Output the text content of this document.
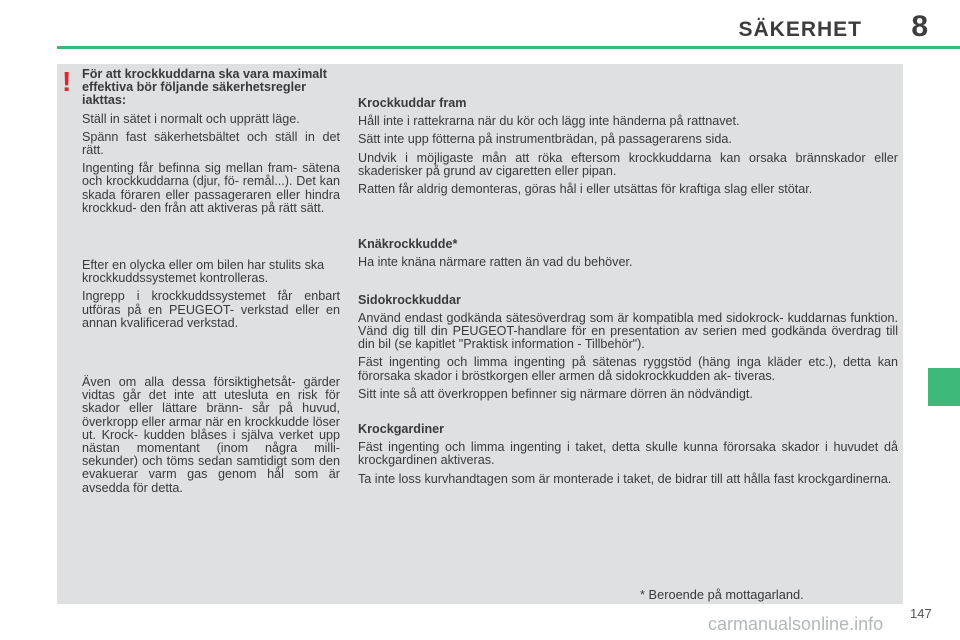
SÄKERHET 8
! För att krockkuddarna ska vara maximalt effektiva bör följande säkerhetsregler iakttas:

Ställ in sätet i normalt och upprätt läge.

Spänn fast säkerhetsbältet och ställ in det rätt.

Ingenting får befinna sig mellan fram- sätena och krockkuddarna (djur, fö- remål...). Det kan skada föraren eller passageraren eller hindra krockkud- den från att aktiveras på rätt sätt.

Efter en olycka eller om bilen har stulits ska krockkuddssystemet kontrolleras.

Ingrepp i krockkuddssystemet får enbart utföras på en PEUGEOT- verkstad eller en annan kvalificerad verkstad.

Även om alla dessa försiktighetsåt- gärder vidtas går det inte att utesluta en risk för skador eller lättare bränn- sår på huvud, överkropp eller armar när en krockkudde löser ut. Krock- kudden blåses i själva verket upp nästan momentant (inom några milli- sekunder) och töms sedan samtidigt som den evakuerar varm gas genom hål som är avsedda för detta.

Krockkuddar fram

Håll inte i rattekrarna när du kör och lägg inte händerna på rattnavet.

Sätt inte upp fötterna på instrumentbrädan, på passagerarens sida.

Undvik i möjligaste mån att röka eftersom krockkuddarna kan orsaka brännskador eller skaderisker på grund av cigaretten eller pipan.

Ratten får aldrig demonteras, göras hål i eller utsättas för kraftiga slag eller stötar.

Knäkrockkudde*

Ha inte knäna närmare ratten än vad du behöver.

Sidokrockkuddar

Använd endast godkända sätesöverdrag som är kompatibla med sidokrock- kuddarnas funktion. Vänd dig till din PEUGEOT-handlare för en presentation av serien med godkända överdrag till din bil (se kapitlet "Praktisk information - Tillbehör").

Fäst ingenting och limma ingenting på sätenas ryggstöd (häng inga kläder etc.), detta kan förorsaka skador i bröstkorgen eller armen då sidokrockkudden ak- tiveras.

Sitt inte så att överkroppen befinner sig närmare dörren än nödvändigt.

Krockgardiner

Fäst ingenting och limma ingenting i taket, detta skulle kunna förorsaka skador i huvudet då krockgardinen aktiveras.

Ta inte loss kurvhandtagen som är monterade i taket, de bidrar till att hålla fast krockgardinerna.

* Beroende på mottagarland.
147
carmanualsonline.info
